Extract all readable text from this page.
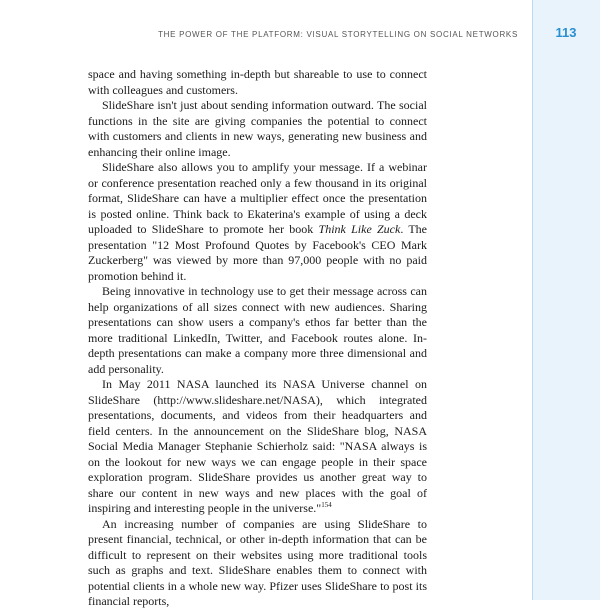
THE POWER OF THE PLATFORM: VISUAL STORYTELLING ON SOCIAL NETWORKS	113

space and having something in-depth but shareable to use to connect with colleagues and customers.

SlideShare isn't just about sending information outward. The social functions in the site are giving companies the potential to connect with customers and clients in new ways, generating new business and enhancing their online image.

SlideShare also allows you to amplify your message. If a webinar or conference presentation reached only a few thousand in its original format, SlideShare can have a multiplier effect once the presentation is posted online. Think back to Ekaterina's example of using a deck uploaded to SlideShare to promote her book Think Like Zuck. The presentation "12 Most Profound Quotes by Facebook's CEO Mark Zuckerberg" was viewed by more than 97,000 people with no paid promotion behind it.

Being innovative in technology use to get their message across can help organizations of all sizes connect with new audiences. Sharing presentations can show users a company's ethos far better than the more traditional LinkedIn, Twitter, and Facebook routes alone. In-depth presentations can make a company more three dimensional and add personality.

In May 2011 NASA launched its NASA Universe channel on SlideShare (http://www.slideshare.net/NASA), which integrated presentations, documents, and videos from their headquarters and field centers. In the announcement on the SlideShare blog, NASA Social Media Manager Stephanie Schierholz said: "NASA always is on the lookout for new ways we can engage people in their space exploration program. SlideShare provides us another great way to share our content in new ways and new places with the goal of inspiring and interesting people in the universe."$^{154}$

An increasing number of companies are using SlideShare to present financial, technical, or other in-depth information that can be difficult to represent on their websites using more traditional tools such as graphs and text. SlideShare enables them to connect with potential clients in a whole new way. Pfizer uses SlideShare to post its financial reports,
